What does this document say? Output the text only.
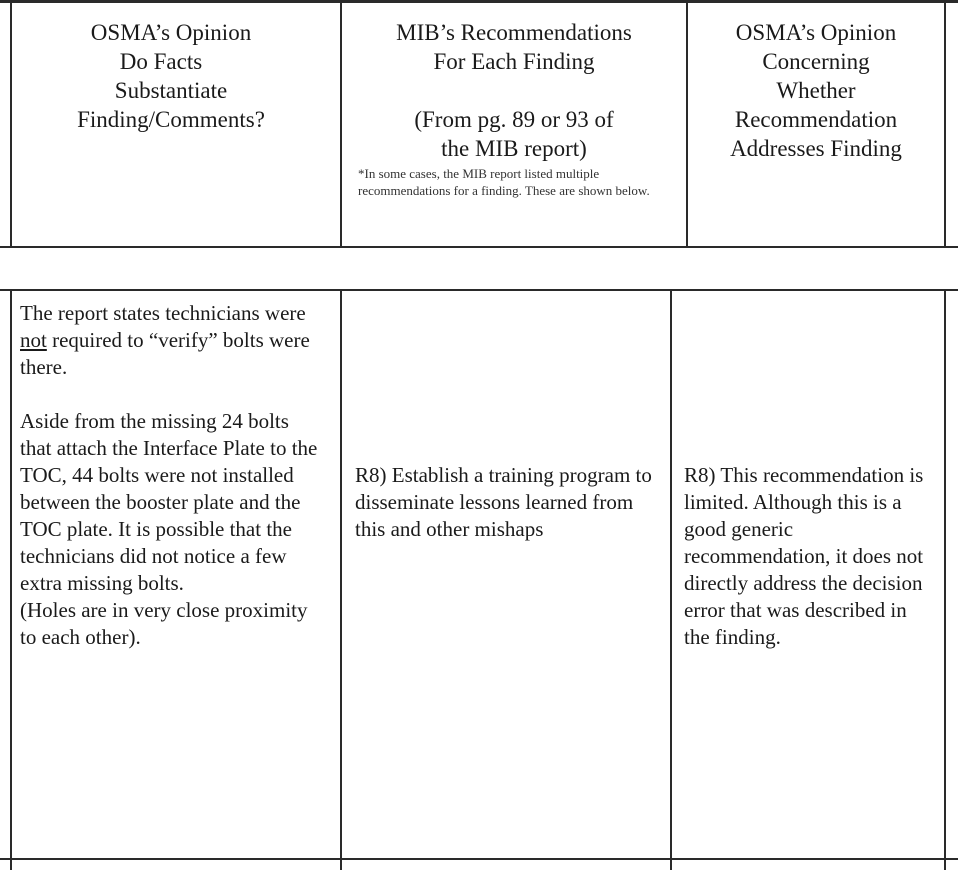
OSMA’s Opinion
Do Facts
Substantiate
Finding/Comments?
MIB’s Recommendations
For Each Finding
(From pg. 89 or 93 of
the MIB report)
*In some cases, the MIB report listed multiple recommendations for a finding. These are shown below.
OSMA’s Opinion
Concerning
Whether
Recommendation
Addresses Finding
The report states technicians were not required to “verify” bolts were there.
Aside from the missing 24 bolts that attach the Interface Plate to the TOC, 44 bolts were not installed between the booster plate and the TOC plate. It is possible that the technicians did not notice a few extra missing bolts.
(Holes are in very close proximity to each other).
R8) Establish a training program to disseminate lessons learned from this and other mishaps
R8) This recommendation is limited. Although this is a good generic recommendation, it does not directly address the decision error that was described in the finding.
